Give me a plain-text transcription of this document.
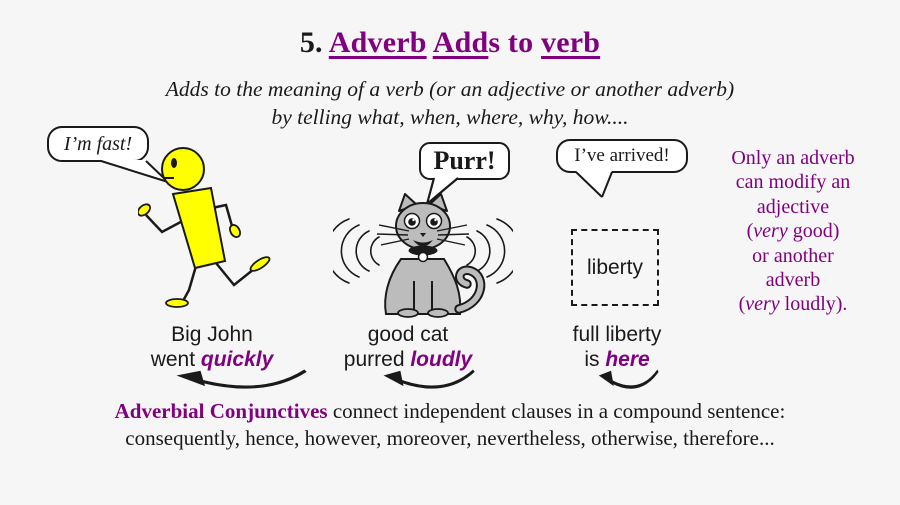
5. Adverb Adds to verb
Adds to the meaning of a verb (or an adjective or another adverb)
by telling what, when, where, why, how....
I’m fast!
Purr!	I’ve arrived!
liberty
Only an adverb
can modify an
adjective
(very good)
or another
adverb
(very loudly).
Big John
went quickly
good cat
purred loudly
full liberty
is here
Adverbial Conjunctives connect independent clauses in a compound sentence:
consequently, hence, however, moreover, nevertheless, otherwise, therefore...
